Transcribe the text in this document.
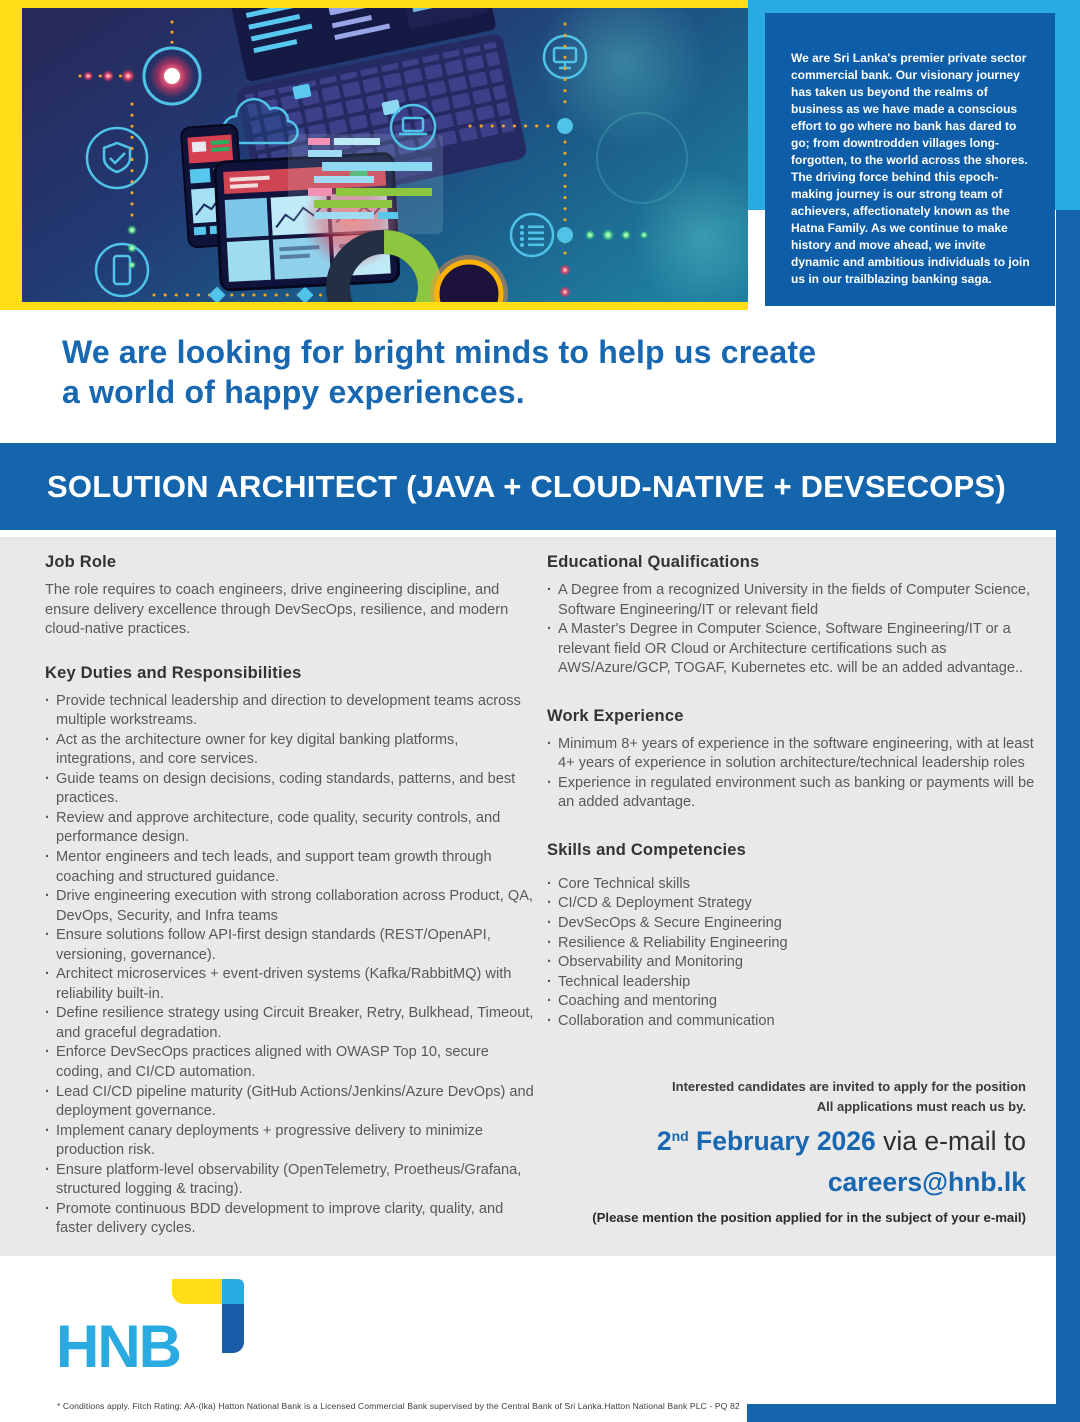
We are Sri Lanka's premier private sector commercial bank. Our visionary journey has taken us beyond the realms of business as we have made a conscious effort to go where no bank has dared to go; from downtrodden villages long-forgotten, to the world across the shores. The driving force behind this epoch-making journey is our strong team of achievers, affectionately known as the Hatna Family. As we continue to make history and move ahead, we invite dynamic and ambitious individuals to join us in our trailblazing banking saga.
We are looking for bright minds to help us create
a world of happy experiences.
SOLUTION ARCHITECT (JAVA + CLOUD-NATIVE + DEVSECOPS)
Job Role

The role requires to coach engineers, drive engineering discipline, and ensure delivery excellence through DevSecOps, resilience, and modern cloud-native practices.

Key Duties and Responsibilities
· Provide technical leadership and direction to development teams across multiple workstreams.
· Act as the architecture owner for key digital banking platforms, integrations, and core services.
· Guide teams on design decisions, coding standards, patterns, and best practices.
· Review and approve architecture, code quality, security controls, and performance design.
· Mentor engineers and tech leads, and support team growth through coaching and structured guidance.
· Drive engineering execution with strong collaboration across Product, QA, DevOps, Security, and Infra teams
· Ensure solutions follow API-first design standards (REST/OpenAPI, versioning, governance).
· Architect microservices + event-driven systems (Kafka/RabbitMQ) with reliability built-in.
· Define resilience strategy using Circuit Breaker, Retry, Bulkhead, Timeout, and graceful degradation.
· Enforce DevSecOps practices aligned with OWASP Top 10, secure coding, and CI/CD automation.
· Lead CI/CD pipeline maturity (GitHub Actions/Jenkins/Azure DevOps) and deployment governance.
· Implement canary deployments + progressive delivery to minimize production risk.
· Ensure platform-level observability (OpenTelemetry, Proetheus/Grafana, structured logging & tracing).
· Promote continuous BDD development to improve clarity, quality, and faster delivery cycles.
Educational Qualifications
· A Degree from a recognized University in the fields of Computer Science, Software Engineering/IT or relevant field
· A Master's Degree in Computer Science, Software Engineering/IT or a relevant field OR Cloud or Architecture certifications such as AWS/Azure/GCP, TOGAF, Kubernetes etc. will be an added advantage..
Work Experience
· Minimum 8+ years of experience in the software engineering, with at least 4+ years of experience in solution architecture/technical leadership roles
· Experience in regulated environment such as banking or payments will be an added advantage.
Skills and Competencies
· Core Technical skills
· CI/CD & Deployment Strategy
· DevSecOps & Secure Engineering
· Resilience & Reliability Engineering
· Observability and Monitoring
· Technical leadership
· Coaching and mentoring
· Collaboration and communication
Interested candidates are invited to apply for the position
All applications must reach us by.
2nd February 2026 via e-mail to
careers@hnb.lk
(Please mention the position applied for in the subject of your e-mail)
HNB
* Conditions apply. Fitch Rating: AA-(lka) Hatton National Bank is a Licensed Commercial Bank supervised by the Central Bank of Sri Lanka.Hatton National Bank PLC - PQ 82
